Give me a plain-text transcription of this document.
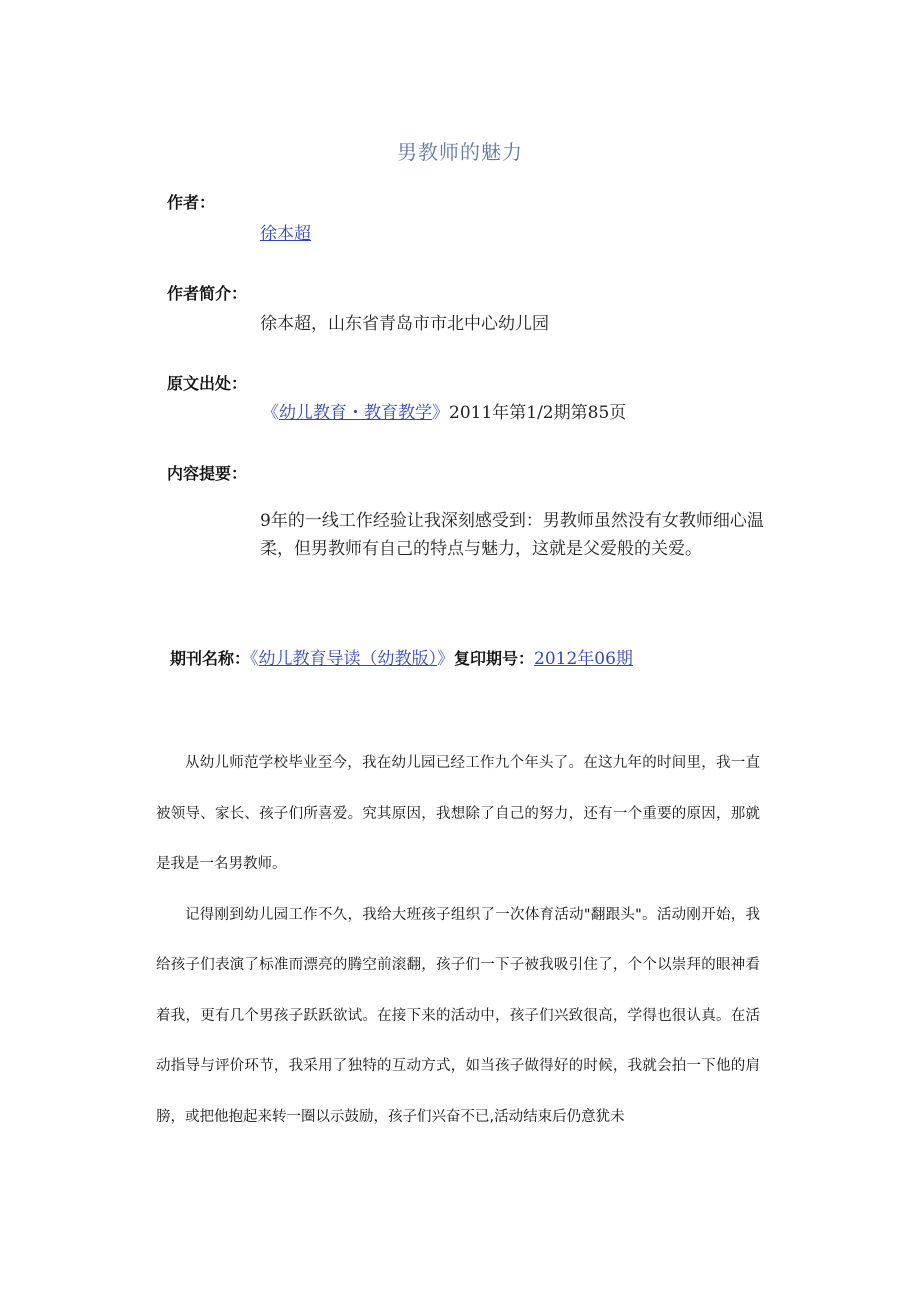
男教师的魅力
作者：
徐本超
作者简介：
徐本超，山东省青岛市市北中心幼儿园
原文出处：
《幼儿教育・教育教学》2011年第1/2期第85页
内容提要：
9年的一线工作经验让我深刻感受到：男教师虽然没有女教师细心温柔，但男教师有自己的特点与魅力，这就是父爱般的关爱。
期刊名称：《幼儿教育导读（幼教版）》复印期号：2012年06期

从幼儿师范学校毕业至今，我在幼儿园已经工作九个年头了。在这九年的时间里，我一直被领导、家长、孩子们所喜爱。究其原因，我想除了自己的努力，还有一个重要的原因，那就是我是一名男教师。

记得刚到幼儿园工作不久，我给大班孩子组织了一次体育活动"翻跟头"。活动刚开始，我给孩子们表演了标准而漂亮的腾空前滚翻，孩子们一下子被我吸引住了，个个以崇拜的眼神看着我，更有几个男孩子跃跃欲试。在接下来的活动中，孩子们兴致很高，学得也很认真。在活动指导与评价环节，我采用了独特的互动方式，如当孩子做得好的时候，我就会拍一下他的肩膀，或把他抱起来转一圈以示鼓励，孩子们兴奋不已,活动结束后仍意犹未
